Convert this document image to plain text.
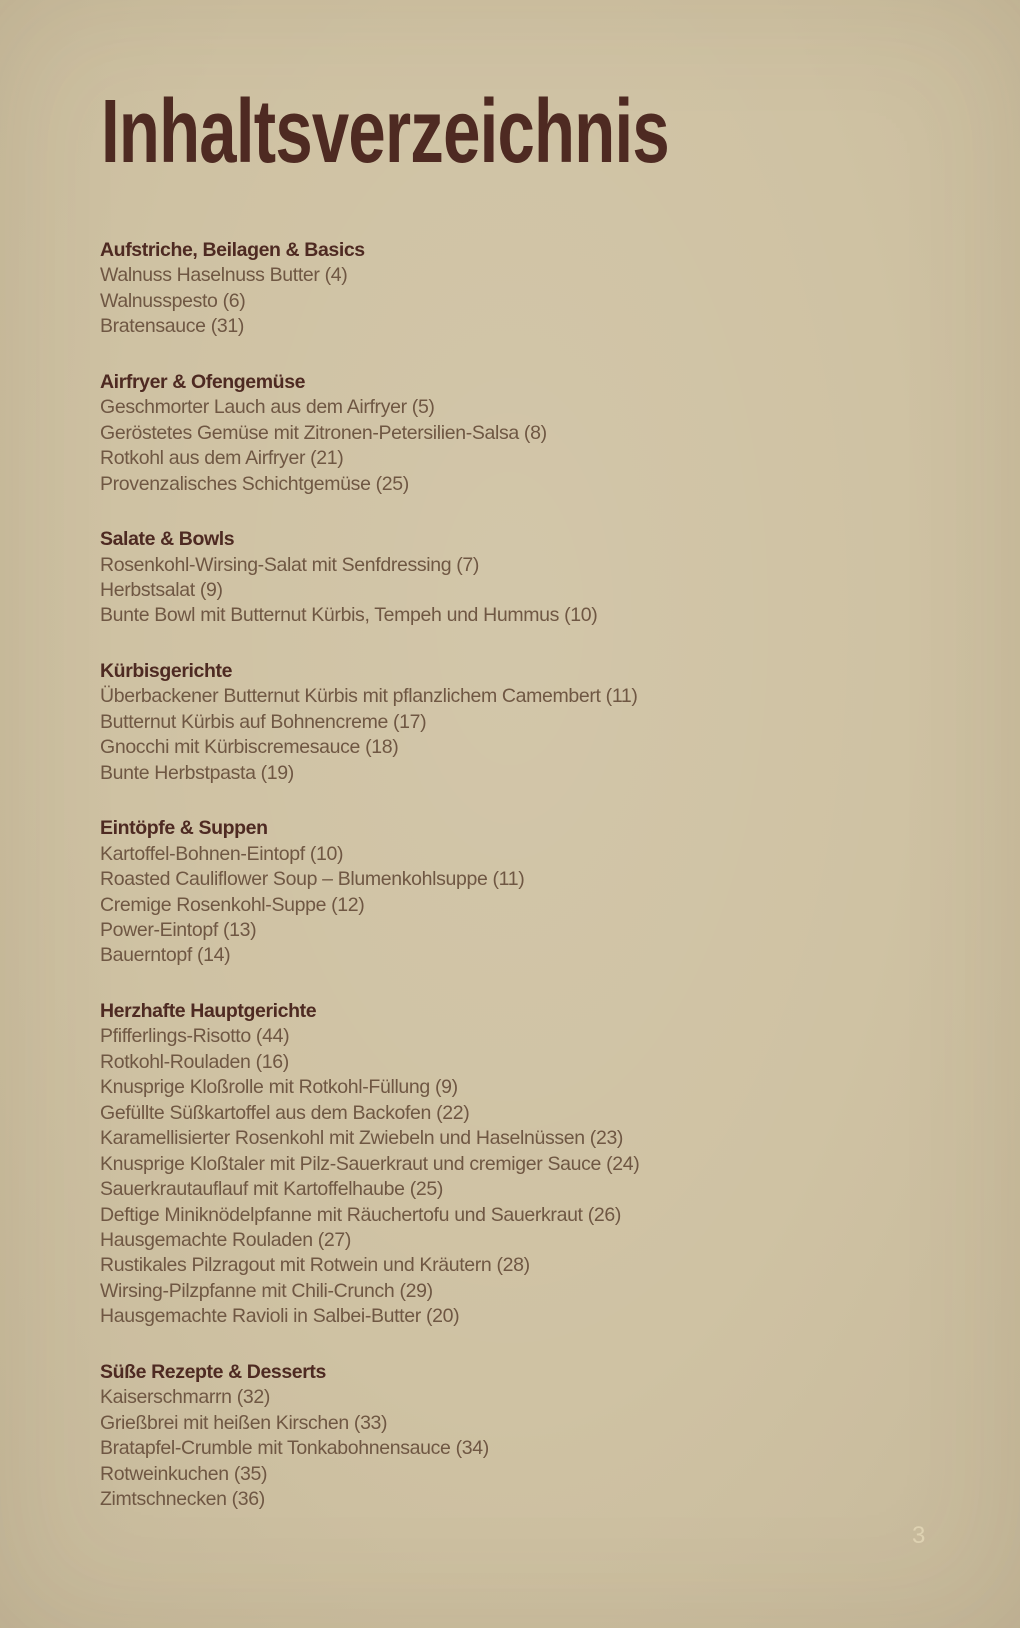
Inhaltsverzeichnis
Aufstriche, Beilagen & Basics
Walnuss Haselnuss Butter (4)
Walnusspesto (6)
Bratensauce (31)
Airfryer & Ofengemüse
Geschmorter Lauch aus dem Airfryer (5)
Geröstetes Gemüse mit Zitronen-Petersilien-Salsa (8)
Rotkohl aus dem Airfryer (21)
Provenzalisches Schichtgemüse (25)
Salate & Bowls
Rosenkohl-Wirsing-Salat mit Senfdressing (7)
Herbstsalat (9)
Bunte Bowl mit Butternut Kürbis, Tempeh und Hummus (10)
Kürbisgerichte
Überbackener Butternut Kürbis mit pflanzlichem Camembert (11)
Butternut Kürbis auf Bohnencreme (17)
Gnocchi mit Kürbiscremesauce (18)
Bunte Herbstpasta (19)
Eintöpfe & Suppen
Kartoffel-Bohnen-Eintopf (10)
Roasted Cauliflower Soup – Blumenkohlsuppe (11)
Cremige Rosenkohl-Suppe (12)
Power-Eintopf (13)
Bauerntopf (14)
Herzhafte Hauptgerichte
Pfifferlings-Risotto (44)
Rotkohl-Rouladen (16)
Knusprige Kloßrolle mit Rotkohl-Füllung (9)
Gefüllte Süßkartoffel aus dem Backofen (22)
Karamellisierter Rosenkohl mit Zwiebeln und Haselnüssen (23)
Knusprige Kloßtaler mit Pilz-Sauerkraut und cremiger Sauce (24)
Sauerkrautauflauf mit Kartoffelhaube (25)
Deftige Miniknödelpfanne mit Räuchertofu und Sauerkraut (26)
Hausgemachte Rouladen (27)
Rustikales Pilzragout mit Rotwein und Kräutern (28)
Wirsing-Pilzpfanne mit Chili-Crunch (29)
Hausgemachte Ravioli in Salbei-Butter (20)
Süße Rezepte & Desserts
Kaiserschmarrn (32)
Grießbrei mit heißen Kirschen (33)
Bratapfel-Crumble mit Tonkabohnensauce (34)
Rotweinkuchen (35)
Zimtschnecken (36)
3
